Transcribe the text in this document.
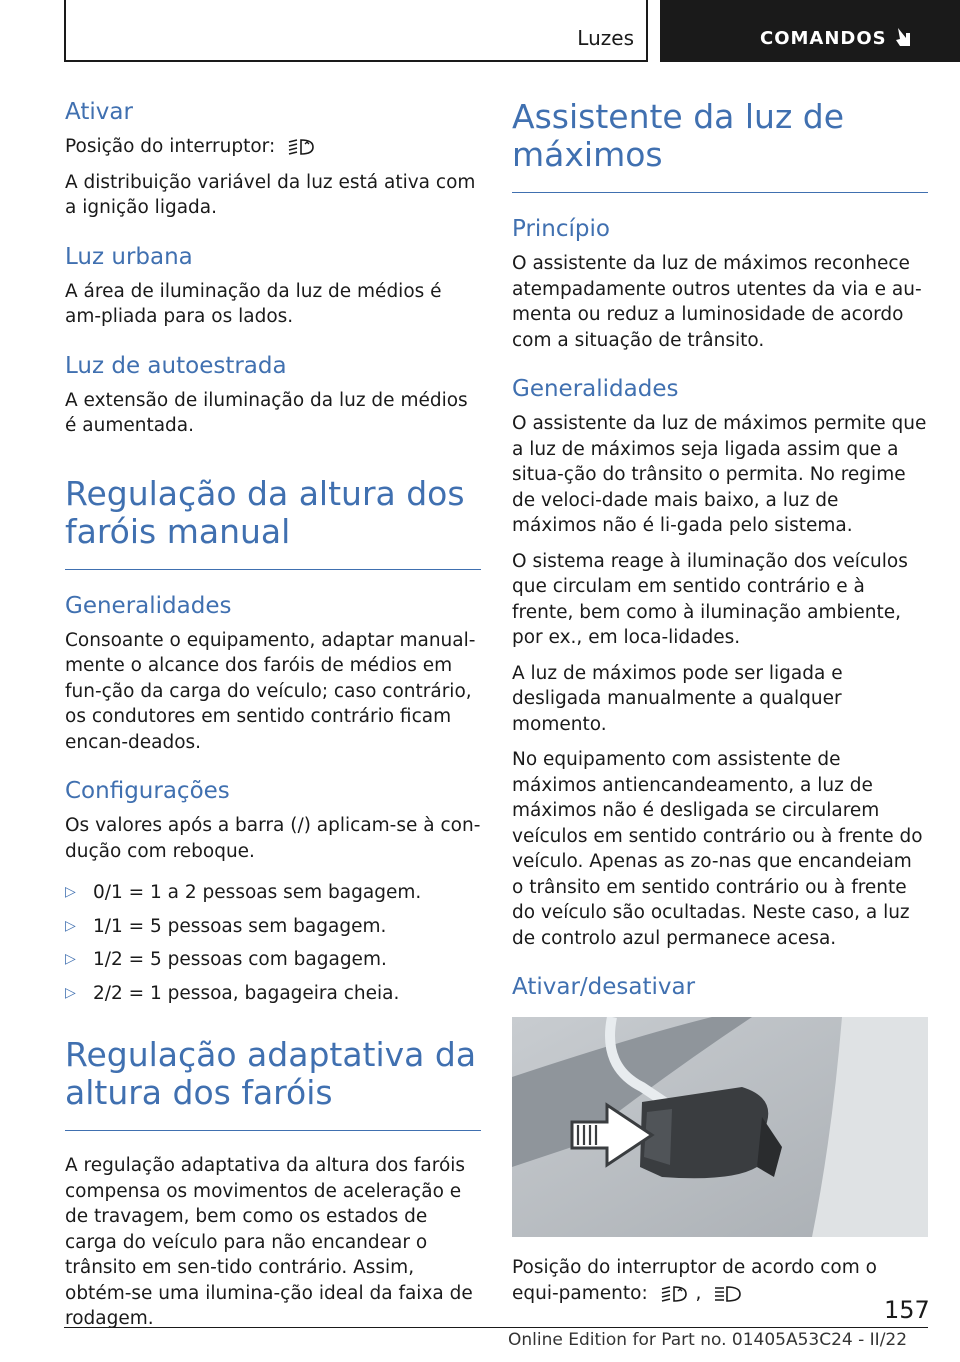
Luzes	COMANDOS
Ativar

Posição do interruptor:

A distribuição variável da luz está ativa com a ignição ligada.

Luz urbana

A área de iluminação da luz de médios é am-pliada para os lados.

Luz de autoestrada

A extensão de iluminação da luz de médios é aumentada.

Regulação da altura dos faróis manual
Generalidades

Consoante o equipamento, adaptar manual-mente o alcance dos faróis de médios em fun-ção da carga do veículo; caso contrário, os condutores em sentido contrário ficam encan-deados.

Configurações

Os valores após a barra (/) aplicam-se à con-dução com reboque.

▷ 0/1 = 1 a 2 pessoas sem bagagem.
▷ 1/1 = 5 pessoas sem bagagem.
▷ 1/2 = 5 pessoas com bagagem.
▷ 2/2 = 1 pessoa, bagageira cheia.
Regulação adaptativa da altura dos faróis

A regulação adaptativa da altura dos faróis compensa os movimentos de aceleração e de travagem, bem como os estados de carga do veículo para não encandear o trânsito em sen-tido contrário. Assim, obtém-se uma ilumina-ção ideal da faixa de rodagem.

Assistente da luz de máximos
Princípio

O assistente da luz de máximos reconhece atempadamente outros utentes da via e au-menta ou reduz a luminosidade de acordo com a situação de trânsito.

Generalidades

O assistente da luz de máximos permite que a luz de máximos seja ligada assim que a situa-ção do trânsito o permita. No regime de veloci-dade mais baixo, a luz de máximos não é li-gada pelo sistema.

O sistema reage à iluminação dos veículos que circulam em sentido contrário e à frente, bem como à iluminação ambiente, por ex., em loca-lidades.

A luz de máximos pode ser ligada e desligada manualmente a qualquer momento.

No equipamento com assistente de máximos antiencandeamento, a luz de máximos não é desligada se circularem veículos em sentido contrário ou à frente do veículo. Apenas as zo-nas que encandeiam o trânsito em sentido contrário ou à frente do veículo são ocultadas. Neste caso, a luz de controlo azul permanece acesa.

Ativar/desativar

Posição do interruptor de acordo com o equi-pamento:	,

157
Online Edition for Part no. 01405A53C24 - II/22
